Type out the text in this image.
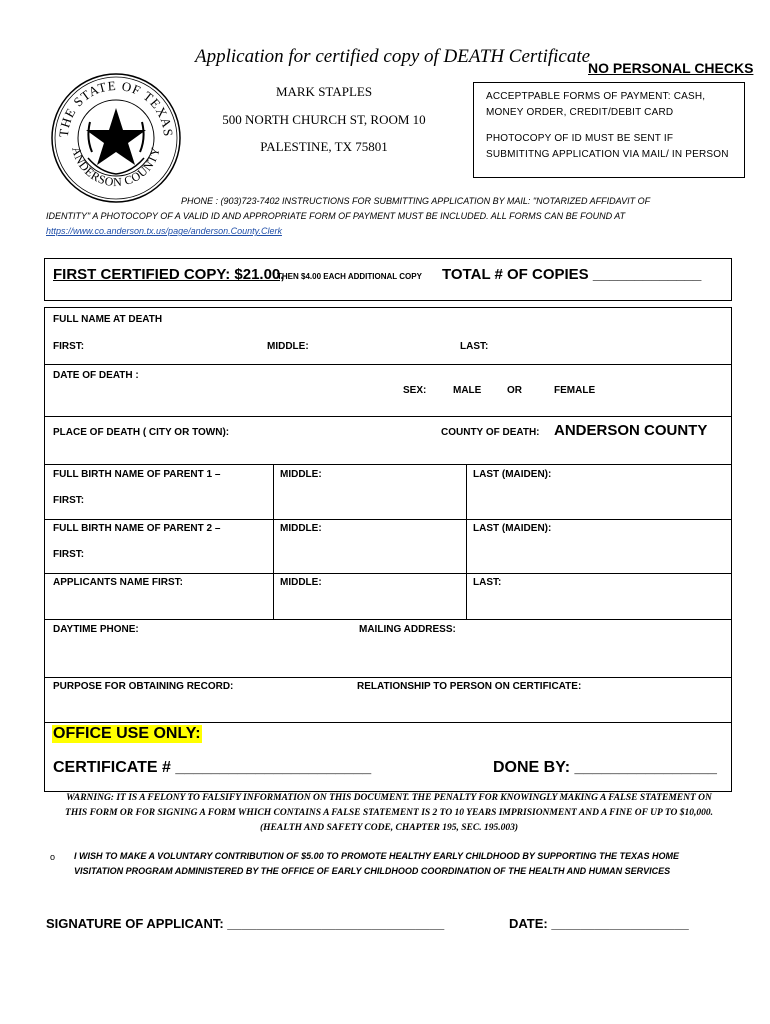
THE STATE OF TEXAS
ANDERSON COUNTY
Application for certified copy of DEATH Certificate
NO PERSONAL CHECKS
MARK STAPLES
500 NORTH CHURCH ST, ROOM 10
PALESTINE, TX 75801

ACCEPTPABLE FORMS OF PAYMENT: CASH,

MONEY ORDER, CREDIT/DEBIT CARD

PHOTOCOPY OF ID MUST BE SENT IF

SUBMITITNG APPLICATION VIA MAIL/ IN PERSON

PHONE : (903)723-7402 INSTRUCTIONS FOR SUBMITTING APPLICATION BY MAIL: "NOTARIZED AFFIDAVIT OF
IDENTITY" A PHOTOCOPY OF A VALID ID AND APPROPRIATE FORM OF PAYMENT MUST BE INCLUDED. ALL FORMS CAN BE FOUND AT
https://www.co.anderson.tx.us/page/anderson.County.Clerk
FIRST CERTIFIED COPY: $21.00,
THEN $4.00 EACH ADDITIONAL COPY TOTAL # OF COPIES _____________
FULL NAME AT DEATH
FIRST:	MIDDLE:	LAST:
DATE OF DEATH :
SEX:	MALE	OR	FEMALE
PLACE OF DEATH ( CITY OR TOWN):	COUNTY OF DEATH: ANDERSON COUNTY
FULL BIRTH NAME OF PARENT 1 –
FIRST:
MIDDLE:	LAST (MAIDEN):
FULL BIRTH NAME OF PARENT 2 –
FIRST:
MIDDLE:	LAST (MAIDEN):
APPLICANTS NAME FIRST:	MIDDLE:	LAST:
DAYTIME PHONE:	MAILING ADDRESS:
PURPOSE FOR OBTAINING RECORD:	RELATIONSHIP TO PERSON ON CERTIFICATE:
OFFICE USE ONLY:
CERTIFICATE # ______________________	DONE BY: ________________
WARNING: IT IS A FELONY TO FALSIFY INFORMATION ON THIS DOCUMENT. THE PENALTY FOR KNOWINGLY MAKING A FALSE STATEMENT ON
THIS FORM OR FOR SIGNING A FORM WHICH CONTAINS A FALSE STATEMENT IS 2 TO 10 YEARS IMPRISIONMENT AND A FINE OF UP TO $10,000.
(HEALTH AND SAFETY CODE, CHAPTER 195, SEC. 195.003)
o I WISH TO MAKE A VOLUNTARY CONTRIBUTION OF $5.00 TO PROMOTE HEALTHY EARLY CHILDHOOD BY SUPPORTING THE TEXAS HOME
VISITATION PROGRAM ADMINISTERED BY THE OFFICE OF EARLY CHILDHOOD COORDINATION OF THE HEALTH AND HUMAN SERVICES
SIGNATURE OF APPLICANT: ______________________________	DATE: ___________________
